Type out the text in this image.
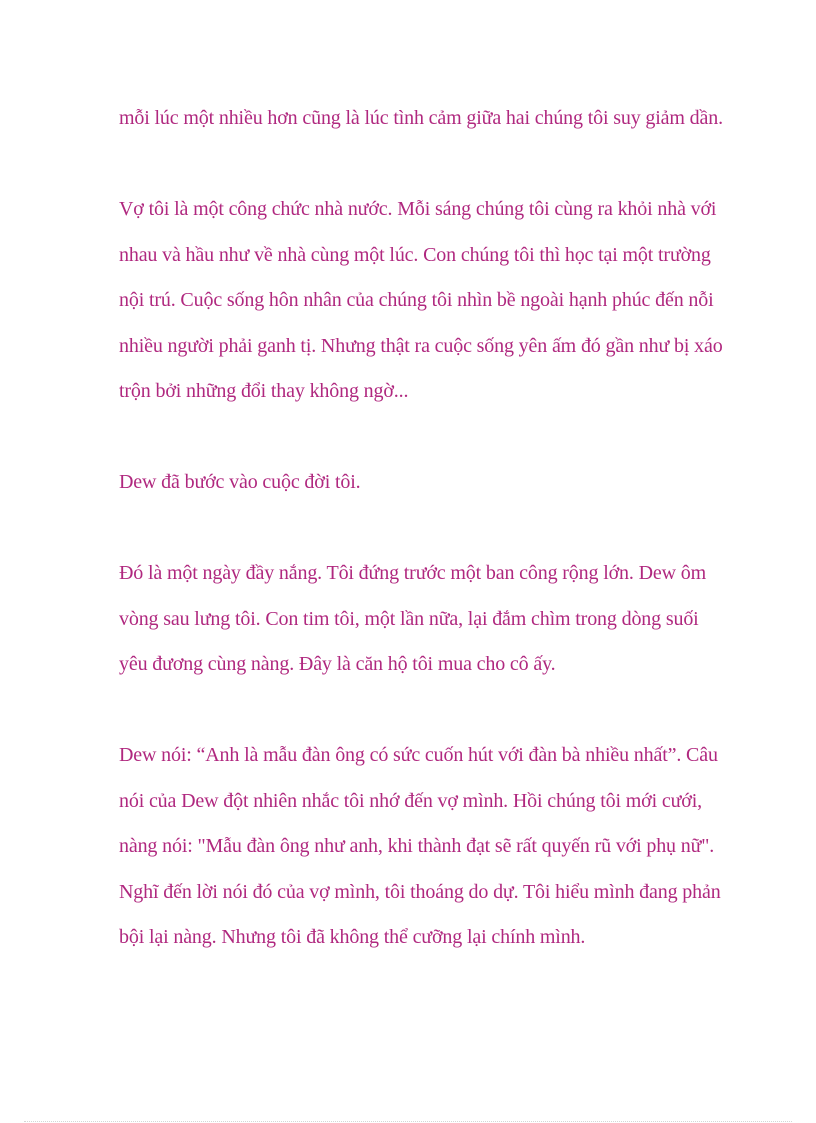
mỗi lúc một nhiều hơn cũng là lúc tình cảm giữa hai chúng tôi suy giảm dần.
Vợ tôi là một công chức nhà nước. Mỗi sáng chúng tôi cùng ra khỏi nhà với
nhau và hầu như về nhà cùng một lúc. Con chúng tôi thì học tại một trường
nội trú. Cuộc sống hôn nhân của chúng tôi nhìn bề ngoài hạnh phúc đến nỗi
nhiều người phải ganh tị. Nhưng thật ra cuộc sống yên ấm đó gần như bị xáo
trộn bởi những đổi thay không ngờ...
Dew đã bước vào cuộc đời tôi.
Đó là một ngày đầy nắng. Tôi đứng trước một ban công rộng lớn. Dew ôm
vòng sau lưng tôi. Con tim tôi, một lần nữa, lại đắm chìm trong dòng suối
yêu đương cùng nàng. Đây là căn hộ tôi mua cho cô ấy.
Dew nói: “Anh là mẫu đàn ông có sức cuốn hút với đàn bà nhiều nhất”. Câu
nói của Dew đột nhiên nhắc tôi nhớ đến vợ mình. Hồi chúng tôi mới cưới,
nàng nói: "Mẫu đàn ông như anh, khi thành đạt sẽ rất quyến rũ với phụ nữ".
Nghĩ đến lời nói đó của vợ mình, tôi thoáng do dự. Tôi hiểu mình đang phản
bội lại nàng. Nhưng tôi đã không thể cưỡng lại chính mình.
